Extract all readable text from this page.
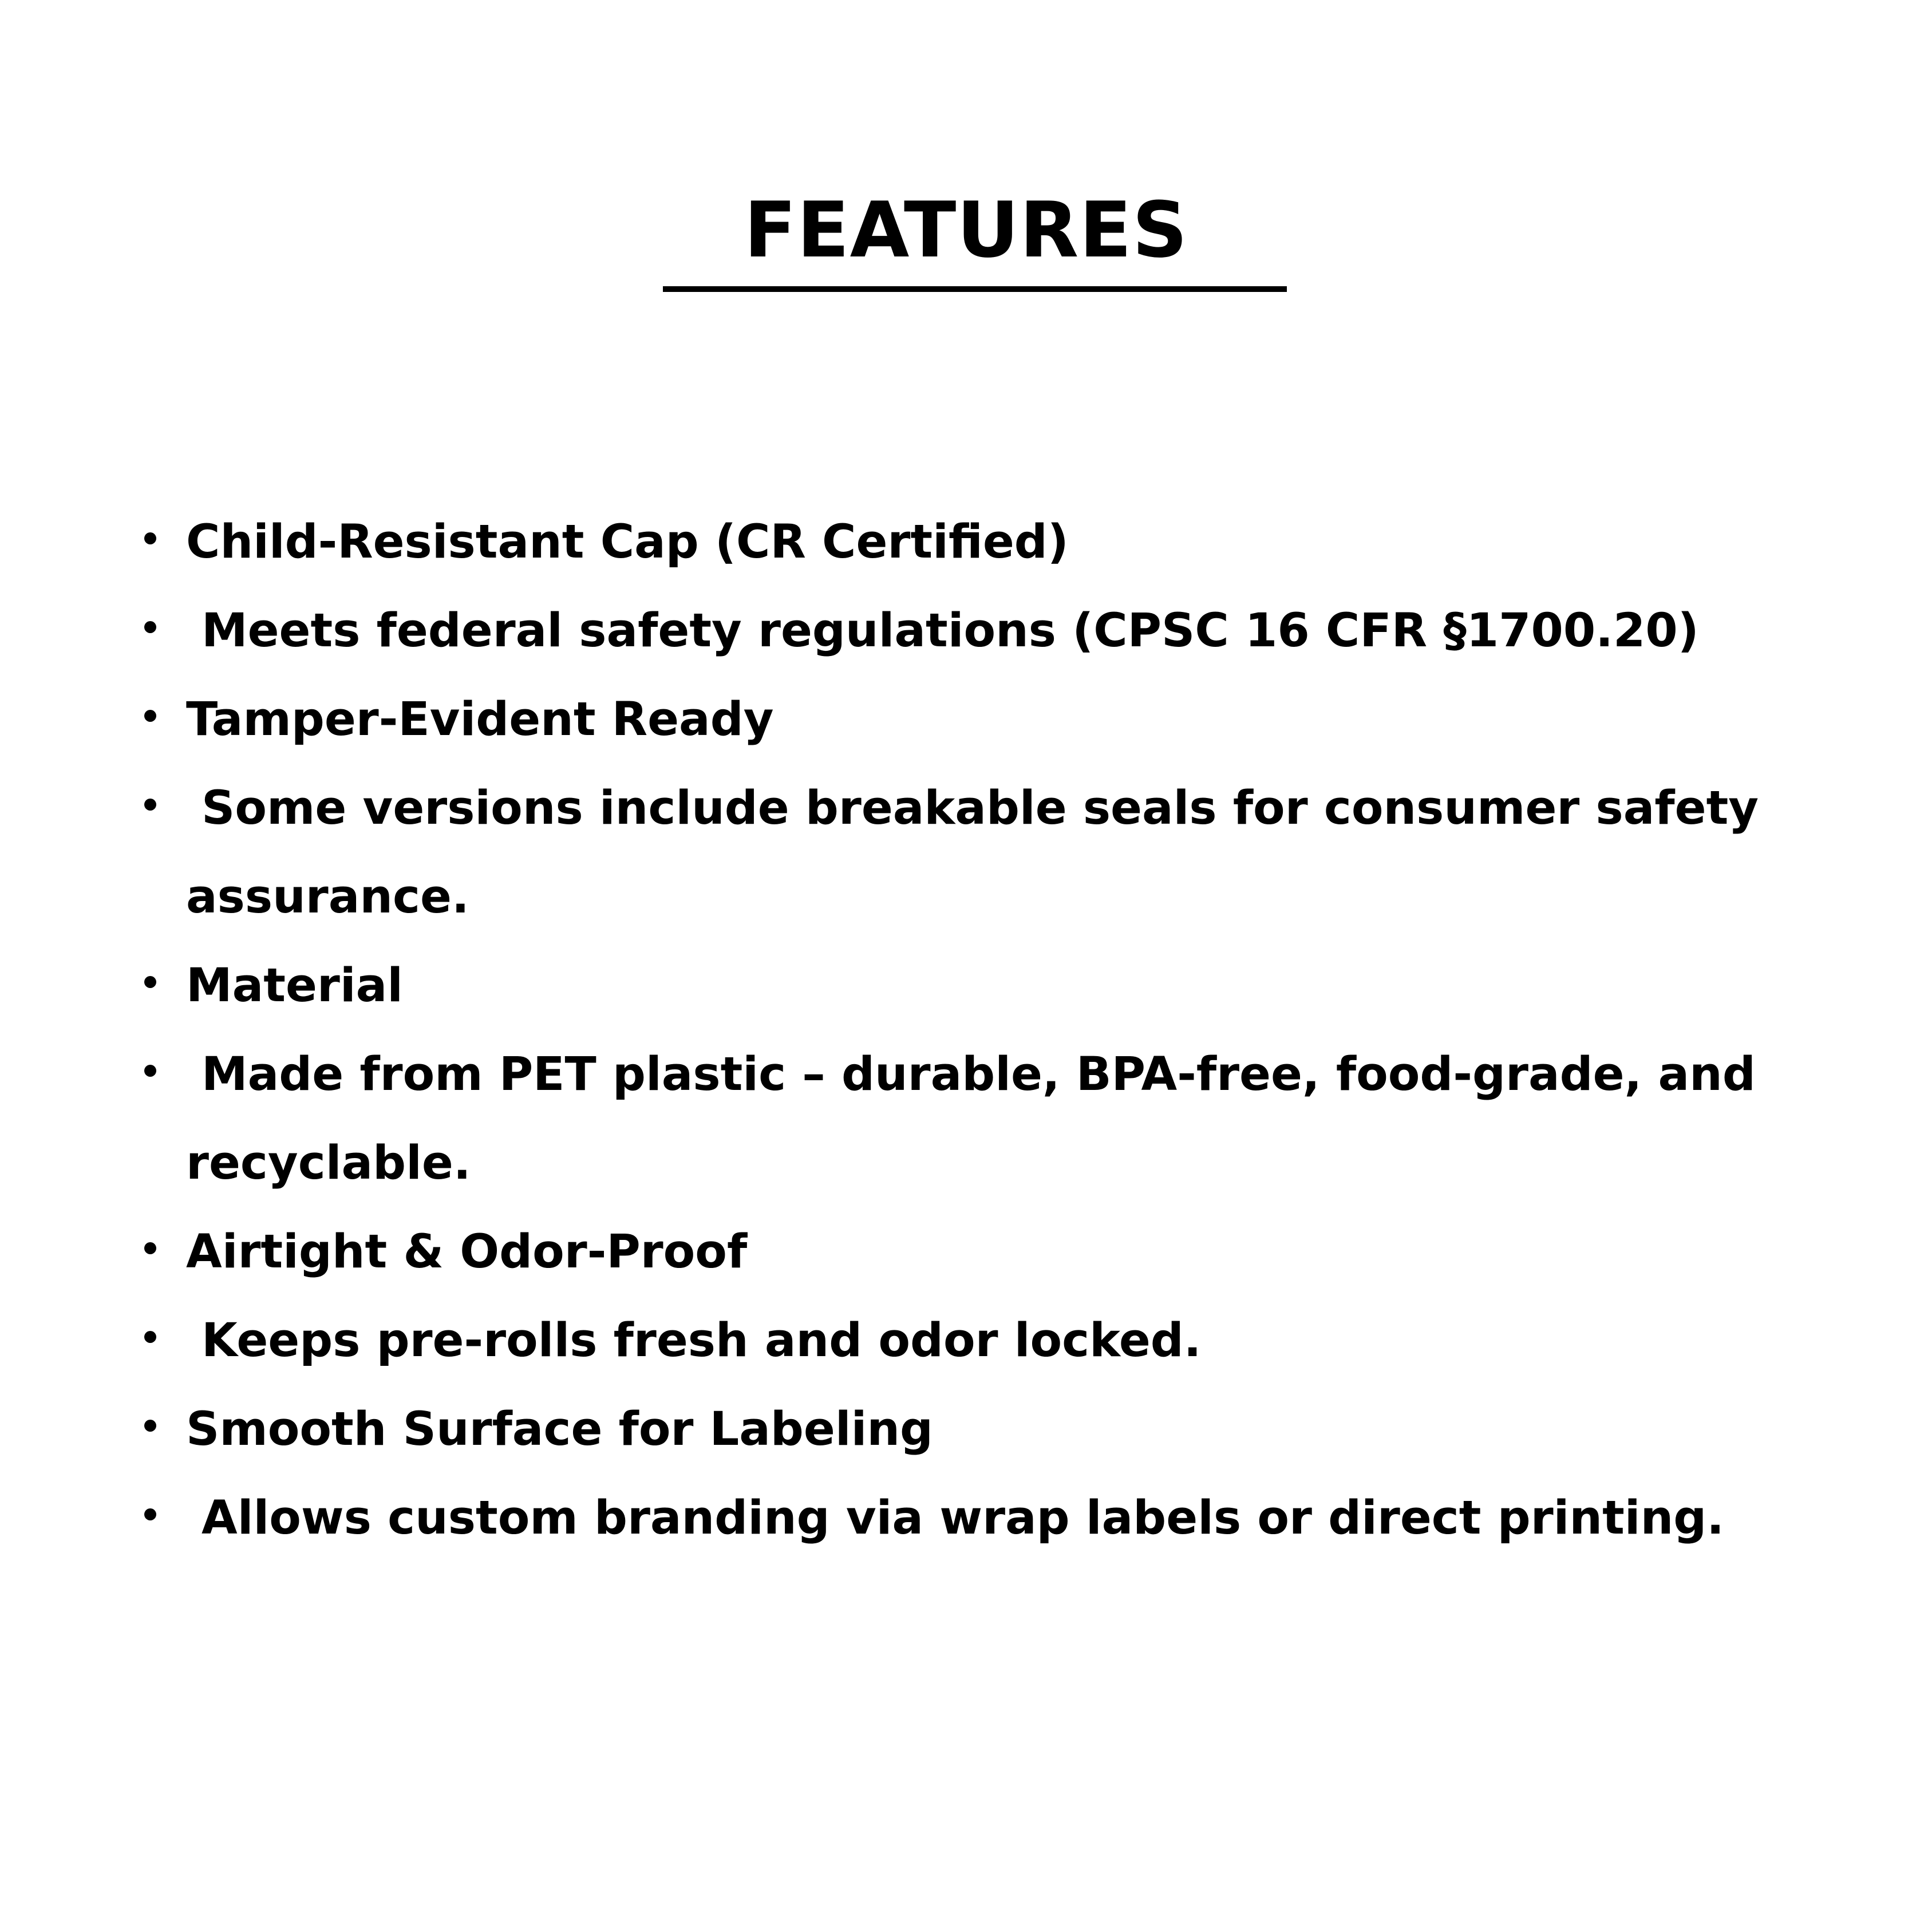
FEATURES
Child-Resistant Cap (CR Certified)
Meets federal safety regulations (CPSC 16 CFR §1700.20)
Tamper-Evident Ready
Some versions include breakable seals for consumer safety
assurance.
Material
Made from PET plastic – durable, BPA-free, food-grade, and
recyclable.
Airtight & Odor-Proof
Keeps pre-rolls fresh and odor locked.
Smooth Surface for Labeling
Allows custom branding via wrap labels or direct printing.
